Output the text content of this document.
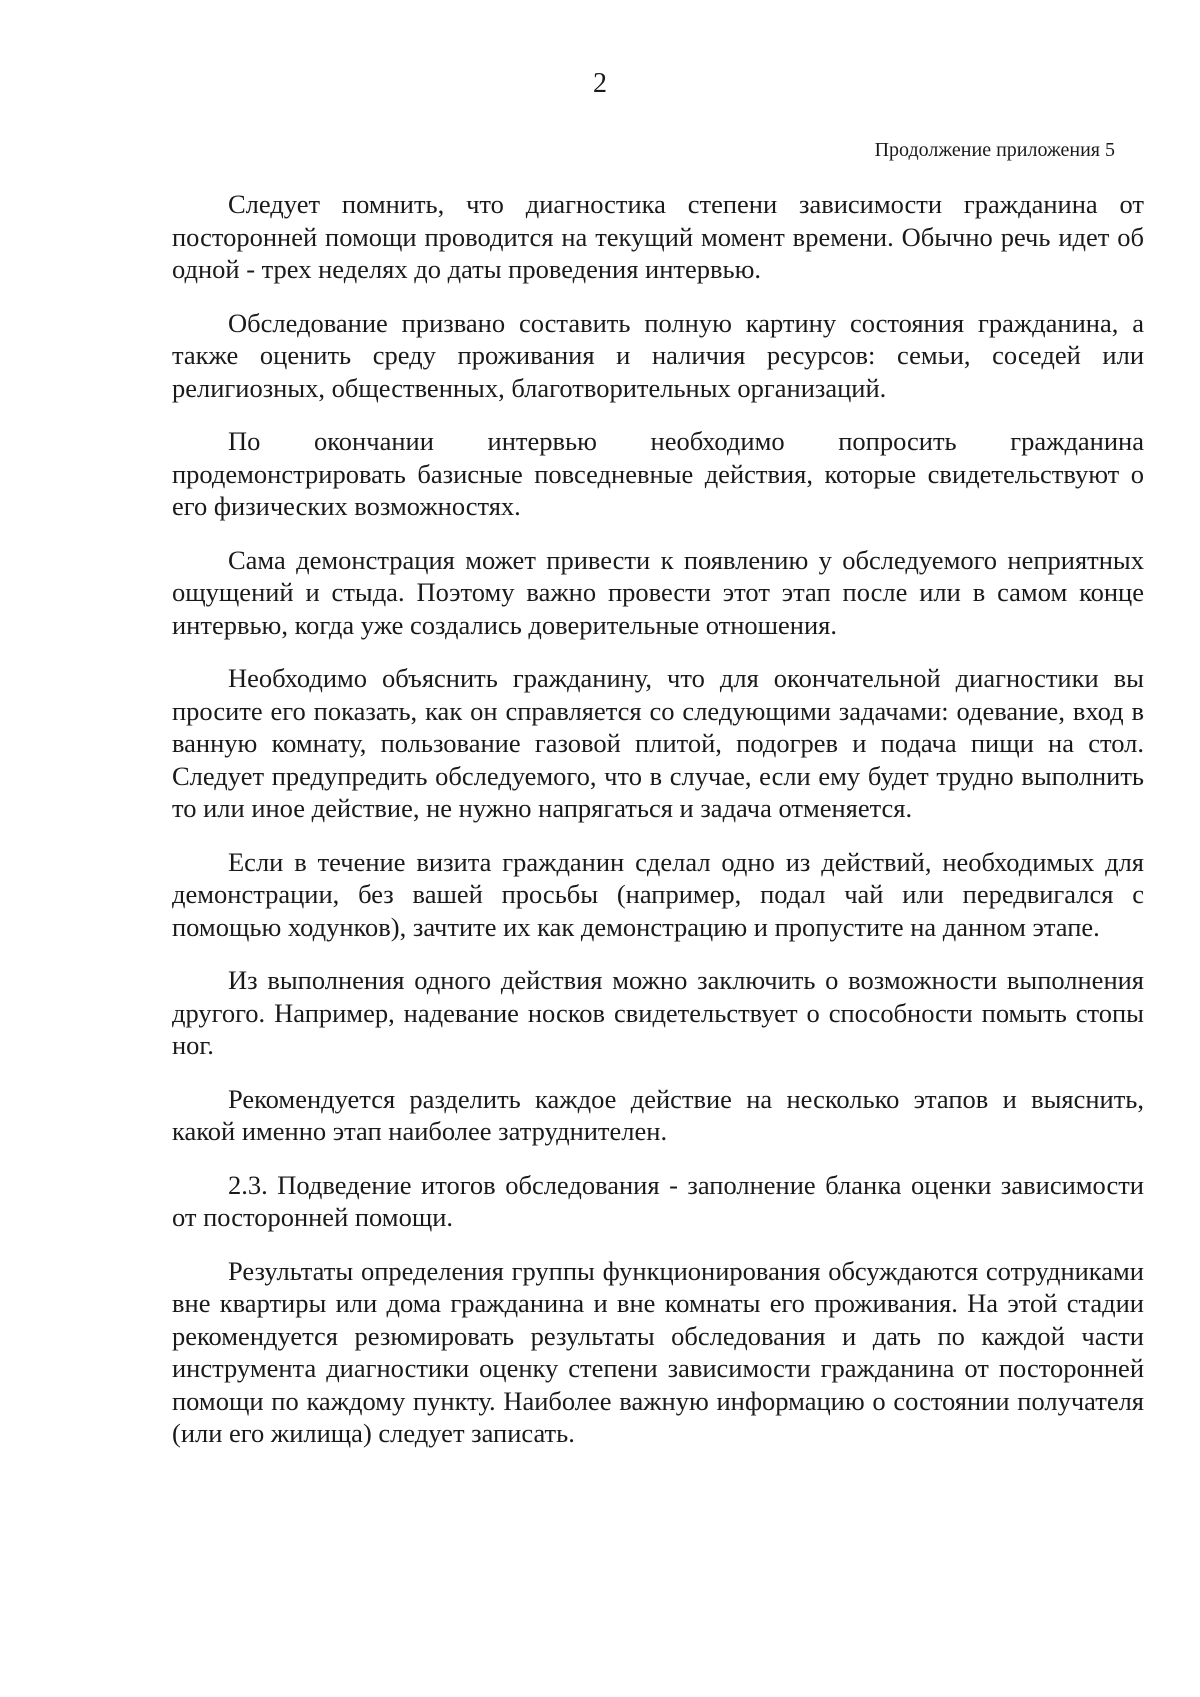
2
Продолжение приложения 5

Следует помнить, что диагностика степени зависимости гражданина от посторонней помощи проводится на текущий момент времени. Обычно речь идет об одной - трех неделях до даты проведения интервью.

Обследование призвано составить полную картину состояния гражданина, а также оценить среду проживания и наличия ресурсов: семьи, соседей или религиозных, общественных, благотворительных организаций.

По окончании интервью необходимо попросить гражданина продемонстрировать базисные повседневные действия, которые свидетельствуют о его физических возможностях.

Сама демонстрация может привести к появлению у обследуемого неприятных ощущений и стыда. Поэтому важно провести этот этап после или в самом конце интервью, когда уже создались доверительные отношения.

Необходимо объяснить гражданину, что для окончательной диагностики вы просите его показать, как он справляется со следующими задачами: одевание, вход в ванную комнату, пользование газовой плитой, подогрев и подача пищи на стол. Следует предупредить обследуемого, что в случае, если ему будет трудно выполнить то или иное действие, не нужно напрягаться и задача отменяется.

Если в течение визита гражданин сделал одно из действий, необходимых для демонстрации, без вашей просьбы (например, подал чай или передвигался с помощью ходунков), зачтите их как демонстрацию и пропустите на данном этапе.

Из выполнения одного действия можно заключить о возможности выполнения другого. Например, надевание носков свидетельствует о способности помыть стопы ног.

Рекомендуется разделить каждое действие на несколько этапов и выяснить, какой именно этап наиболее затруднителен.

2.3. Подведение итогов обследования - заполнение бланка оценки зависимости от посторонней помощи.

Результаты определения группы функционирования обсуждаются сотрудниками вне квартиры или дома гражданина и вне комнаты его проживания. На этой стадии рекомендуется резюмировать результаты обследования и дать по каждой части инструмента диагностики оценку степени зависимости гражданина от посторонней помощи по каждому пункту. Наиболее важную информацию о состоянии получателя (или его жилища) следует записать.
